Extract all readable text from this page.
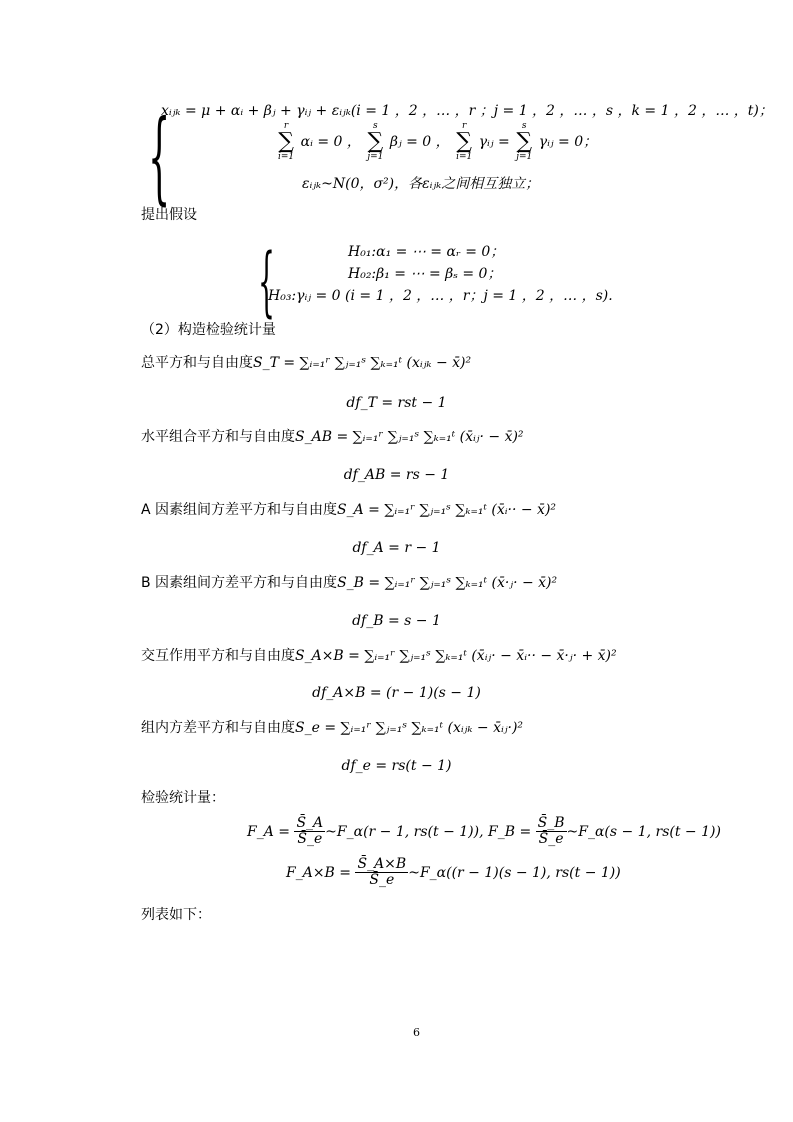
{
xᵢⱼₖ = μ + αᵢ + βⱼ + γᵢⱼ + εᵢⱼₖ(i = 1 ，2 ，… ，r ；j = 1 ，2 ，… ，s ，k = 1 ，2 ，… ，t)；
r
∑
i=1
αᵢ = 0 ，
s
∑
j=1
βⱼ = 0 ，
r
∑
i=1
γᵢⱼ =
s
∑
j=1
γᵢⱼ = 0；
εᵢⱼₖ~N(0，σ²)，各εᵢⱼₖ之间相互独立；
提出假设
{	H₀₁:α₁ = ⋯ = αᵣ = 0；
H₀₂:β₁ = ⋯ = βₛ = 0；
H₀₃:γᵢⱼ = 0 (i = 1 ，2 ，… ，r；j = 1 ，2 ，… ，s).
（2）构造检验统计量
总平方和与自由度S_T = ∑ᵢ₌₁ʳ ∑ⱼ₌₁ˢ ∑ₖ₌₁ᵗ (xᵢⱼₖ − x̄)²
df_T = rst − 1
水平组合平方和与自由度S_AB = ∑ᵢ₌₁ʳ ∑ⱼ₌₁ˢ ∑ₖ₌₁ᵗ (x̄ᵢⱼ· − x̄)²
df_AB = rs − 1
A 因素组间方差平方和与自由度S_A = ∑ᵢ₌₁ʳ ∑ⱼ₌₁ˢ ∑ₖ₌₁ᵗ (x̄ᵢ·· − x̄)²
df_A = r − 1
B 因素组间方差平方和与自由度S_B = ∑ᵢ₌₁ʳ ∑ⱼ₌₁ˢ ∑ₖ₌₁ᵗ (x̄·ⱼ· − x̄)²
df_B = s − 1
交互作用平方和与自由度S_A×B = ∑ᵢ₌₁ʳ ∑ⱼ₌₁ˢ ∑ₖ₌₁ᵗ (x̄ᵢⱼ· − x̄ᵢ·· − x̄·ⱼ· + x̄)²
df_A×B = (r − 1)(s − 1)
组内方差平方和与自由度S_e = ∑ᵢ₌₁ʳ ∑ⱼ₌₁ˢ ∑ₖ₌₁ᵗ (xᵢⱼₖ − x̄ᵢⱼ·)²
df_e = rs(t − 1)
检验统计量：
F_A = $\frac{S̄\_A}{S̄\_e}$ ~F_α(r − 1, rs(t − 1)), F_B = $\frac{S̄\_B}{S̄\_e}$ ~F_α(s − 1, rs(t − 1))
F_A×B = $\frac{S̄\_A\times B}{S̄\_e}$ ~F_α((r − 1)(s − 1), rs(t − 1))
列表如下：
6
